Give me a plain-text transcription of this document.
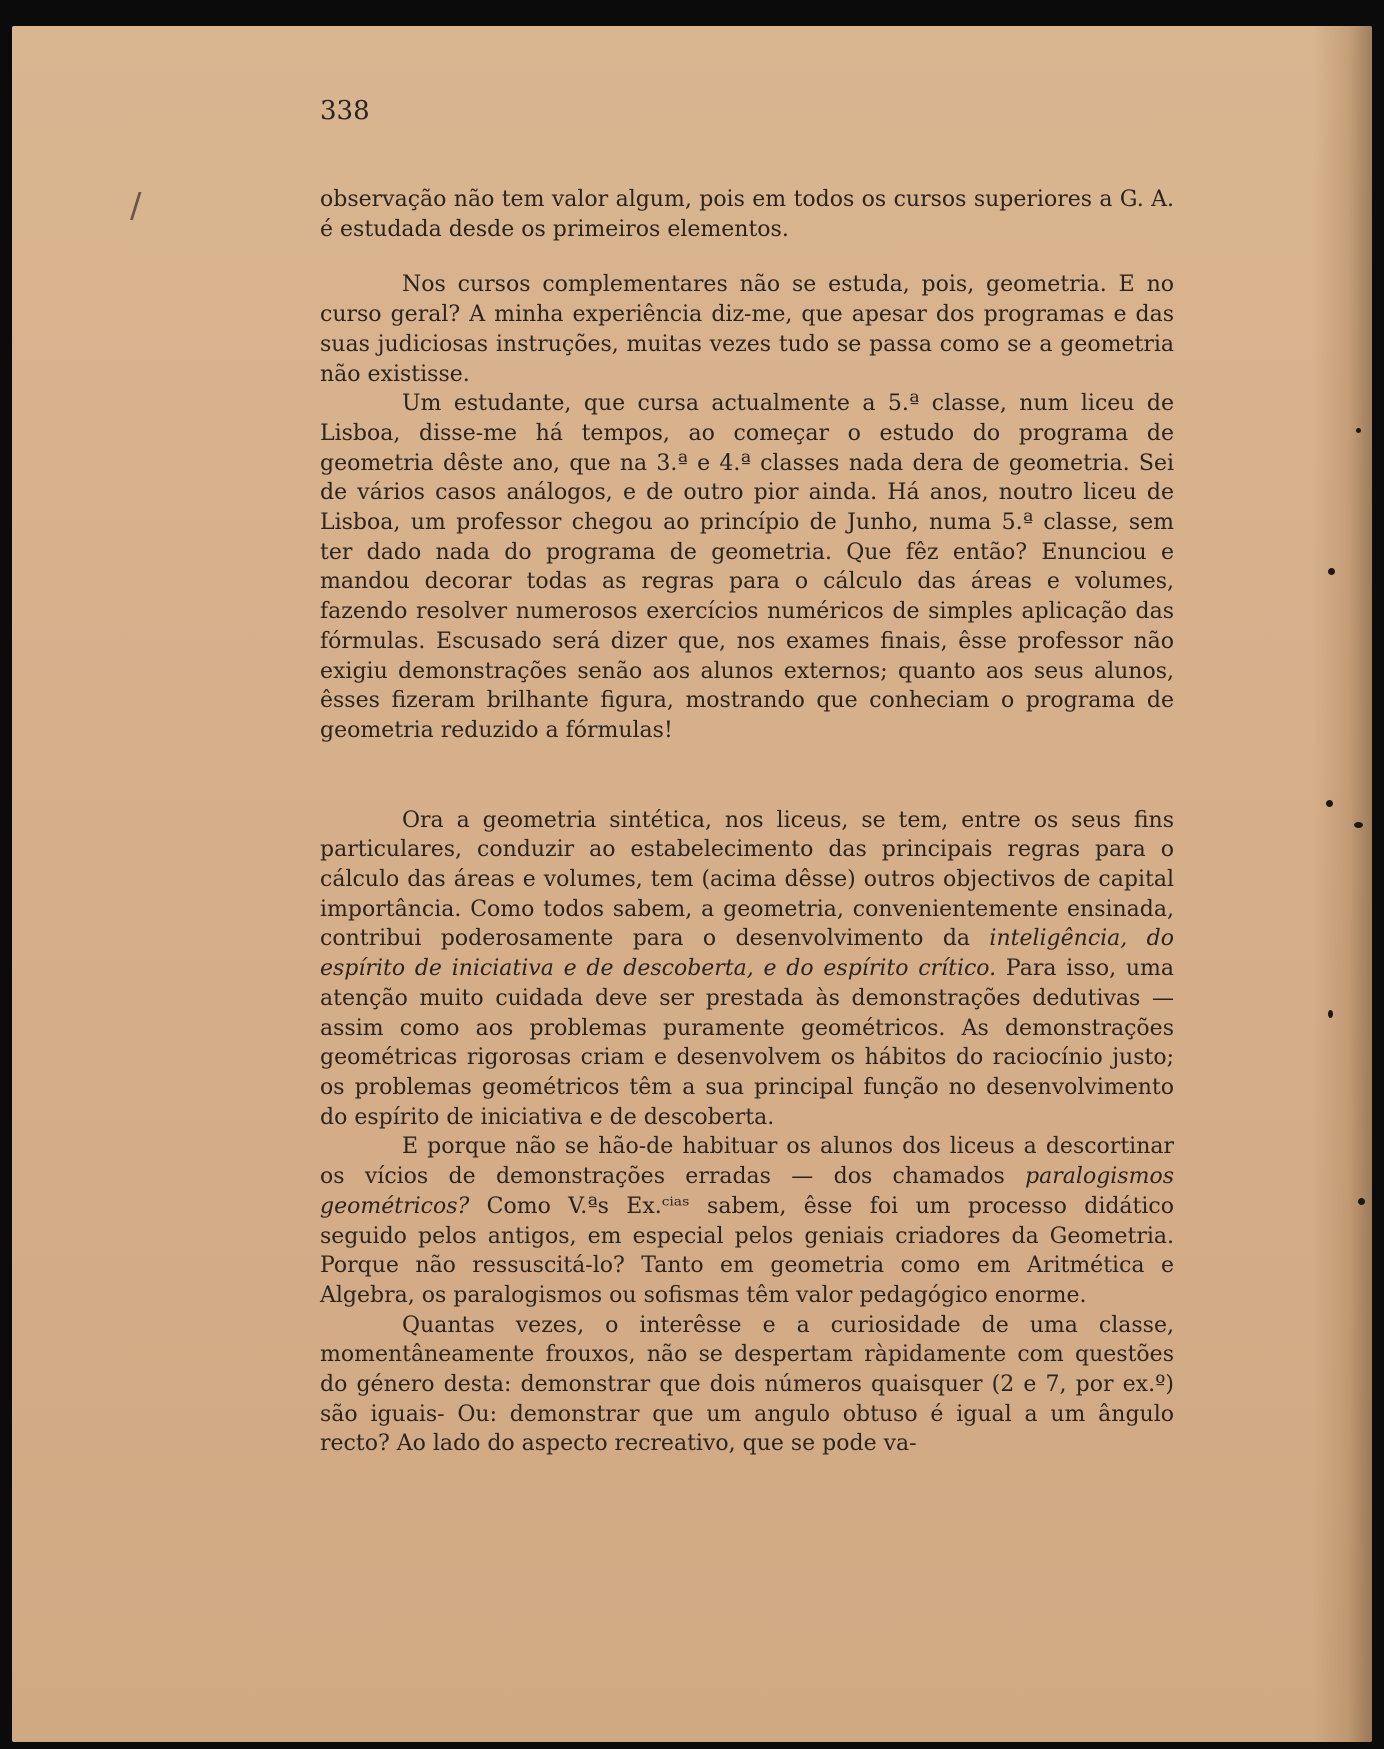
/
338

observação não tem valor algum, pois em todos os cursos superiores a G. A. é estudada desde os primeiros elementos.

Nos cursos complementares não se estuda, pois, geometria. E no curso geral? A minha experiência diz-me, que apesar dos programas e das suas judiciosas instruções, muitas vezes tudo se passa como se a geometria não existisse.

Um estudante, que cursa actualmente a 5.ª classe, num liceu de Lisboa, disse-me há tempos, ao começar o estudo do programa de geometria dêste ano, que na 3.ª e 4.ª classes nada dera de geometria. Sei de vários casos análogos, e de outro pior ainda. Há anos, noutro liceu de Lisboa, um professor chegou ao princípio de Junho, numa 5.ª classe, sem ter dado nada do programa de geometria. Que fêz então? Enunciou e mandou decorar todas as regras para o cálculo das áreas e volumes, fazendo resolver numerosos exercícios numéricos de simples aplicação das fórmulas. Escusado será dizer que, nos exames finais, êsse professor não exigiu demonstrações senão aos alunos externos; quanto aos seus alunos, êsses fizeram brilhante figura, mostrando que conheciam o programa de geometria reduzido a fórmulas!

Ora a geometria sintética, nos liceus, se tem, entre os seus fins particulares, conduzir ao estabelecimento das principais regras para o cálculo das áreas e volumes, tem (acima dêsse) outros objectivos de capital importância. Como todos sabem, a geometria, convenientemente ensinada, contribui poderosamente para o desenvolvimento da inteligência, do espírito de iniciativa e de descoberta, e do espírito crítico. Para isso, uma atenção muito cuidada deve ser prestada às demonstrações dedutivas — assim como aos problemas puramente geométricos. As demonstrações geométricas rigorosas criam e desenvolvem os hábitos do raciocínio justo; os problemas geométricos têm a sua principal função no desenvolvimento do espírito de iniciativa e de descoberta.

E porque não se hão-de habituar os alunos dos liceus a descortinar os vícios de demonstrações erradas — dos chamados paralogismos geométricos? Como V.ªs Ex.ᶜⁱᵃˢ sabem, êsse foi um processo didático seguido pelos antigos, em especial pelos geniais criadores da Geometria. Porque não ressuscitá-lo? Tanto em geometria como em Aritmética e Algebra, os paralogismos ou sofismas têm valor pedagógico enorme.

Quantas vezes, o interêsse e a curiosidade de uma classe, momentâneamente frouxos, não se despertam ràpidamente com questões do género desta: demonstrar que dois números quaisquer (2 e 7, por ex.º) são iguais- Ou: demonstrar que um angulo obtuso é igual a um ângulo recto? Ao lado do aspecto recreativo, que se pode va-
